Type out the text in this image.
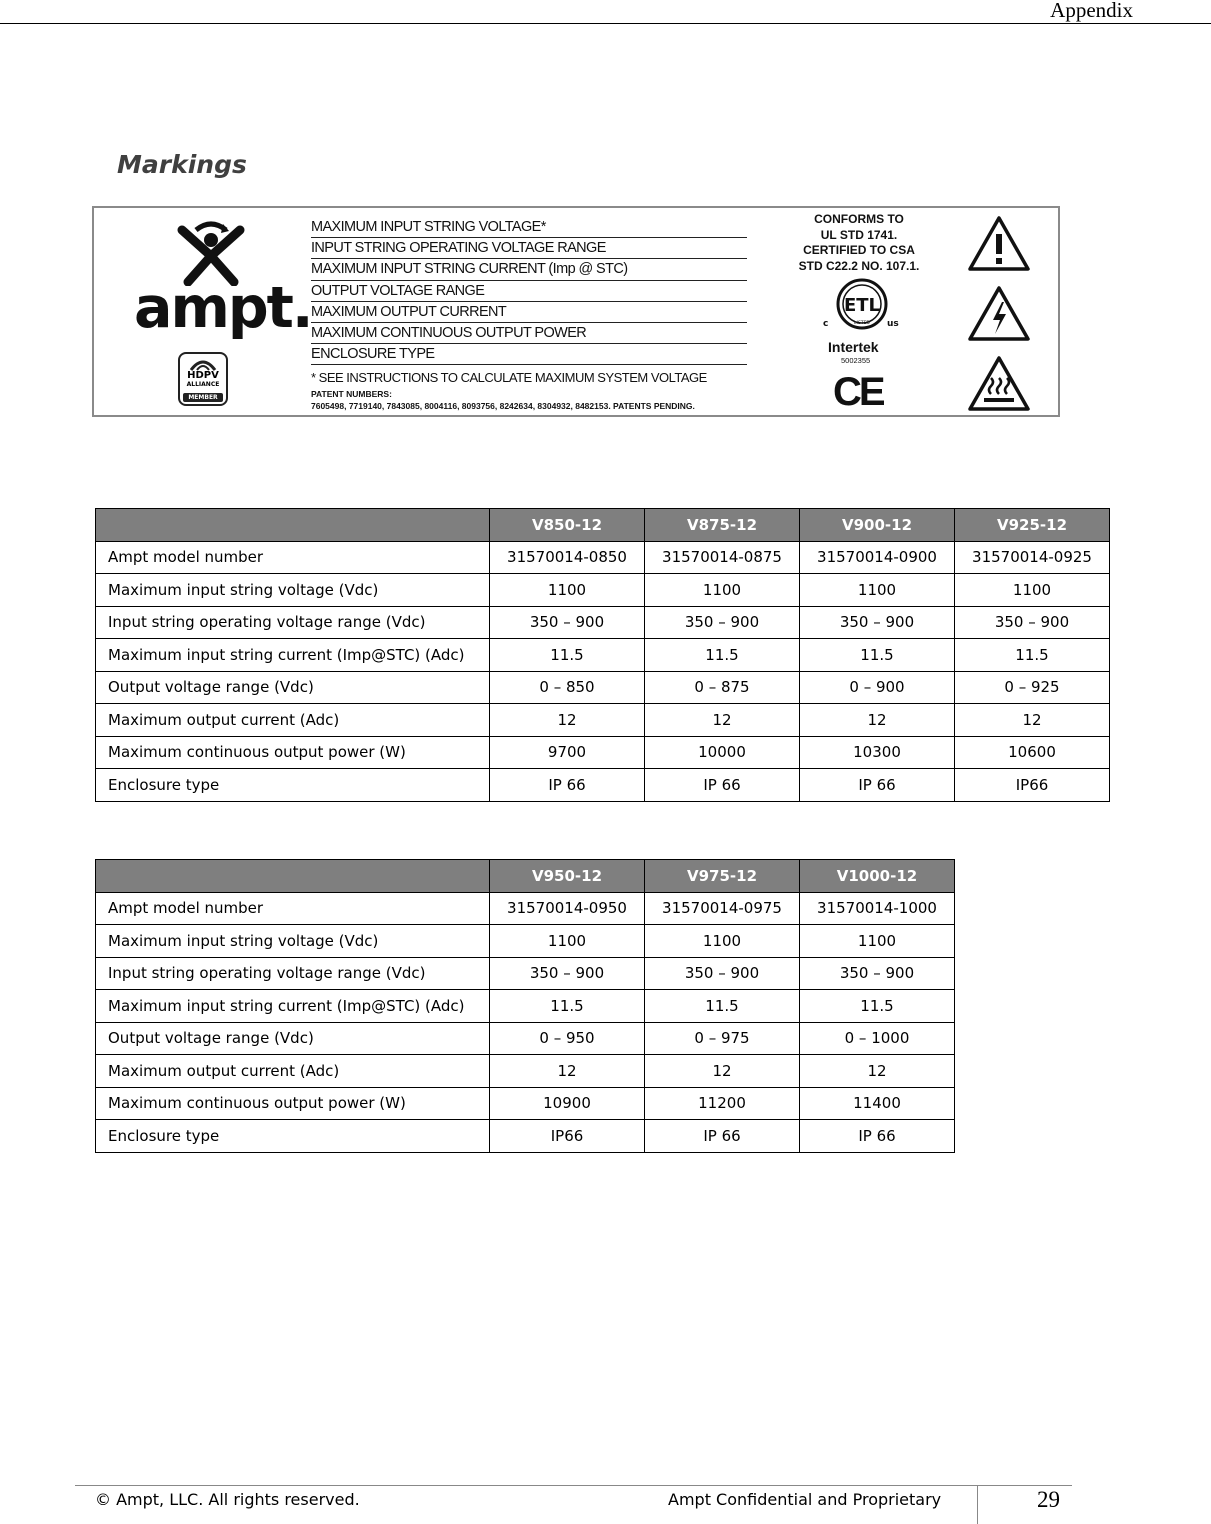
Appendix
Markings
ampt.
HDPV
ALLIANCE
MEMBER
MAXIMUM INPUT STRING VOLTAGE*
INPUT STRING OPERATING VOLTAGE RANGE
MAXIMUM INPUT STRING CURRENT (Imp @ STC)
OUTPUT VOLTAGE RANGE
MAXIMUM OUTPUT CURRENT
MAXIMUM CONTINUOUS OUTPUT POWER
ENCLOSURE TYPE
* SEE INSTRUCTIONS TO CALCULATE MAXIMUM SYSTEM VOLTAGE
PATENT NUMBERS:
7605498, 7719140, 7843085, 8004116, 8093756, 8242634, 8304932, 8482153. PATENTS PENDING.
CONFORMS TO
UL STD 1741.
CERTIFIED TO CSA
STD C22.2 NO. 107.1.
ETL
LISTED
c	us
Intertek
5002355
CE
	V850-12	V875-12	V900-12	V925-12
Ampt model number	31570014-0850	31570014-0875	31570014-0900	31570014-0925
Maximum input string voltage (Vdc)	1100	1100	1100	1100
Input string operating voltage range (Vdc)	350 – 900	350 – 900	350 – 900	350 – 900
Maximum input string current (Imp@STC) (Adc)	11.5	11.5	11.5	11.5
Output voltage range (Vdc)	0 – 850	0 – 875	0 – 900	0 – 925
Maximum output current (Adc)	12	12	12	12
Maximum continuous output power (W)	9700	10000	10300	10600
Enclosure type	IP 66	IP 66	IP 66	IP66
	V950-12	V975-12	V1000-12
Ampt model number	31570014-0950	31570014-0975	31570014-1000
Maximum input string voltage (Vdc)	1100	1100	1100
Input string operating voltage range (Vdc)	350 – 900	350 – 900	350 – 900
Maximum input string current (Imp@STC) (Adc)	11.5	11.5	11.5
Output voltage range (Vdc)	0 – 950	0 – 975	0 – 1000
Maximum output current (Adc)	12	12	12
Maximum continuous output power (W)	10900	11200	11400
Enclosure type	IP66	IP 66	IP 66
© Ampt, LLC. All rights reserved.	Ampt Confidential and Proprietary	29
